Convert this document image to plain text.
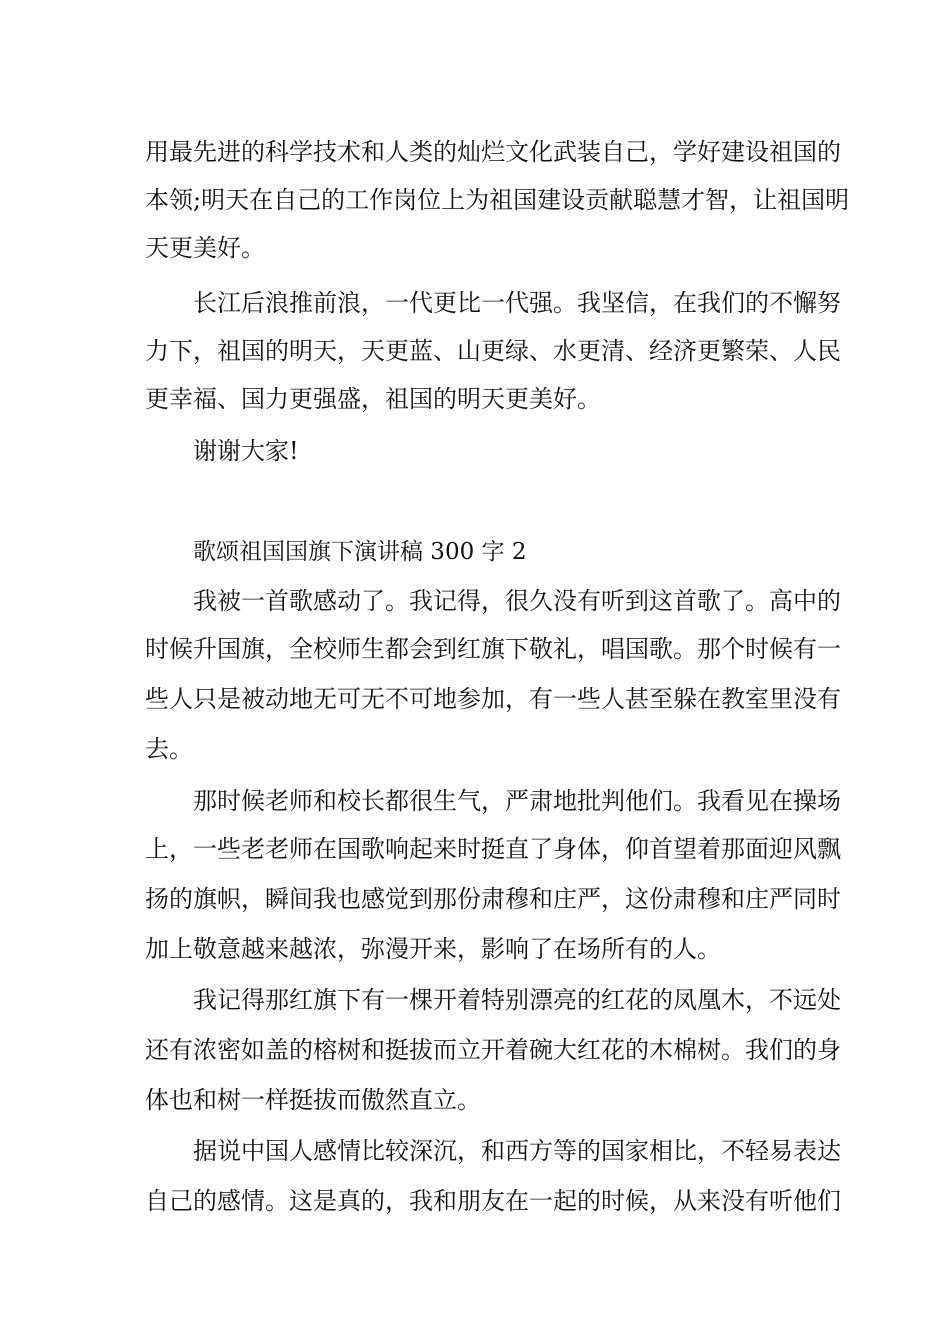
用最先进的科学技术和人类的灿烂文化武装自己，学好建设祖国的
本领;明天在自己的工作岗位上为祖国建设贡献聪慧才智，让祖国明
天更美好。
长江后浪推前浪，一代更比一代强。我坚信，在我们的不懈努
力下，祖国的明天，天更蓝、山更绿、水更清、经济更繁荣、人民
更幸福、国力更强盛，祖国的明天更美好。
谢谢大家!
歌颂祖国国旗下演讲稿 300 字 2
我被一首歌感动了。我记得，很久没有听到这首歌了。高中的
时候升国旗，全校师生都会到红旗下敬礼，唱国歌。那个时候有一
些人只是被动地无可无不可地参加，有一些人甚至躲在教室里没有
去。
那时候老师和校长都很生气，严肃地批判他们。我看见在操场
上，一些老老师在国歌响起来时挺直了身体，仰首望着那面迎风飘
扬的旗帜，瞬间我也感觉到那份肃穆和庄严，这份肃穆和庄严同时
加上敬意越来越浓，弥漫开来，影响了在场所有的人。
我记得那红旗下有一棵开着特别漂亮的红花的凤凰木，不远处
还有浓密如盖的榕树和挺拔而立开着碗大红花的木棉树。我们的身
体也和树一样挺拔而傲然直立。
据说中国人感情比较深沉，和西方等的国家相比，不轻易表达
自己的感情。这是真的，我和朋友在一起的时候，从来没有听他们
